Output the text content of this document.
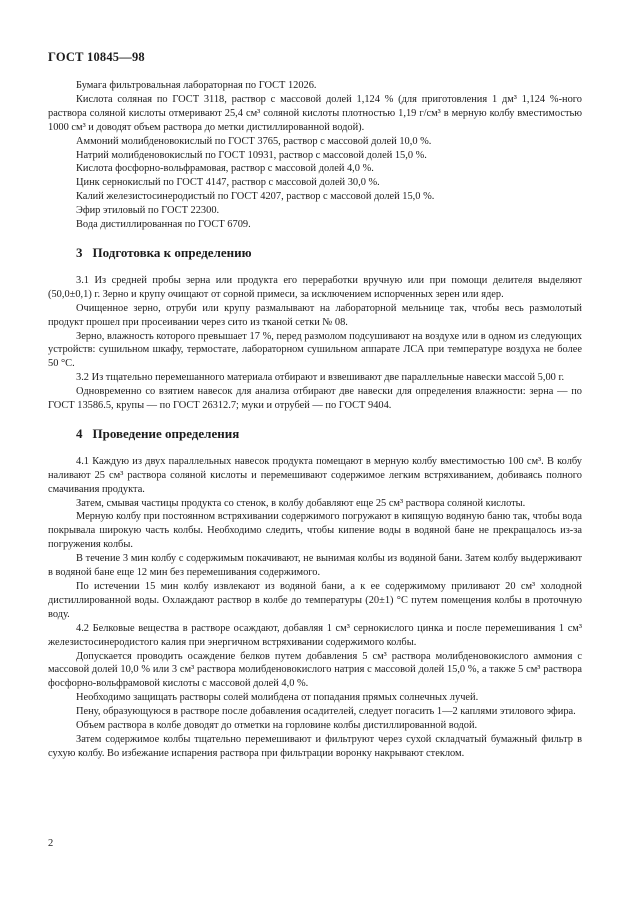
ГОСТ 10845—98

Бумага фильтровальная лабораторная по ГОСТ 12026.

Кислота соляная по ГОСТ 3118, раствор с массовой долей 1,124 % (для приготовления 1 дм³ 1,124 %-ного раствора соляной кислоты отмеривают 25,4 см³ соляной кислоты плотностью 1,19 г/см³ в мерную колбу вместимостью 1000 см³ и доводят объем раствора до метки дистиллированной водой).

Аммоний молибденовокислый по ГОСТ 3765, раствор с массовой долей 10,0 %.

Натрий молибденовокислый по ГОСТ 10931, раствор с массовой долей 15,0 %.

Кислота фосфорно-вольфрамовая, раствор с массовой долей 4,0 %.

Цинк сернокислый по ГОСТ 4147, раствор с массовой долей 30,0 %.

Калий железистосинеродистый по ГОСТ 4207, раствор с массовой долей 15,0 %.

Эфир этиловый по ГОСТ 22300.

Вода дистиллированная по ГОСТ 6709.

3 Подготовка к определению

3.1 Из средней пробы зерна или продукта его переработки вручную или при помощи делителя выделяют (50,0±0,1) г. Зерно и крупу очищают от сорной примеси, за исключением испорченных зерен или ядер.

Очищенное зерно, отруби или крупу размалывают на лабораторной мельнице так, чтобы весь размолотый продукт прошел при просеивании через сито из тканой сетки № 08.

Зерно, влажность которого превышает 17 %, перед размолом подсушивают на воздухе или в одном из следующих устройств: сушильном шкафу, термостате, лабораторном сушильном аппарате ЛСА при температуре воздуха не более 50 °С.

3.2 Из тщательно перемешанного материала отбирают и взвешивают две параллельные навески массой 5,00 г.

Одновременно со взятием навесок для анализа отбирают две навески для определения влажности: зерна — по ГОСТ 13586.5, крупы — по ГОСТ 26312.7; муки и отрубей — по ГОСТ 9404.

4 Проведение определения

4.1 Каждую из двух параллельных навесок продукта помещают в мерную колбу вместимостью 100 см³. В колбу наливают 25 см³ раствора соляной кислоты и перемешивают содержимое легким встряхиванием, добиваясь полного смачивания продукта.

Затем, смывая частицы продукта со стенок, в колбу добавляют еще 25 см³ раствора соляной кислоты.

Мерную колбу при постоянном встряхивании содержимого погружают в кипящую водяную баню так, чтобы вода покрывала широкую часть колбы. Необходимо следить, чтобы кипение воды в водяной бане не прекращалось из-за погружения колбы.

В течение 3 мин колбу с содержимым покачивают, не вынимая колбы из водяной бани. Затем колбу выдерживают в водяной бане еще 12 мин без перемешивания содержимого.

По истечении 15 мин колбу извлекают из водяной бани, а к ее содержимому приливают 20 см³ холодной дистиллированной воды. Охлаждают раствор в колбе до температуры (20±1) °С путем помещения колбы в проточную воду.

4.2 Белковые вещества в растворе осаждают, добавляя 1 см³ сернокислого цинка и после перемешивания 1 см³ железистосинеродистого калия при энергичном встряхивании содержимого колбы.

Допускается проводить осаждение белков путем добавления 5 см³ раствора молибденовокислого аммония с массовой долей 10,0 % или 3 см³ раствора молибденовокислого натрия с массовой долей 15,0 %, а также 5 см³ раствора фосфорно-вольфрамовой кислоты с массовой долей 4,0 %.

Необходимо защищать растворы солей молибдена от попадания прямых солнечных лучей.

Пену, образующуюся в растворе после добавления осадителей, следует погасить 1—2 каплями этилового эфира.

Объем раствора в колбе доводят до отметки на горловине колбы дистиллированной водой.

Затем содержимое колбы тщательно перемешивают и фильтруют через сухой складчатый бумажный фильтр в сухую колбу. Во избежание испарения раствора при фильтрации воронку накрывают стеклом.

2
